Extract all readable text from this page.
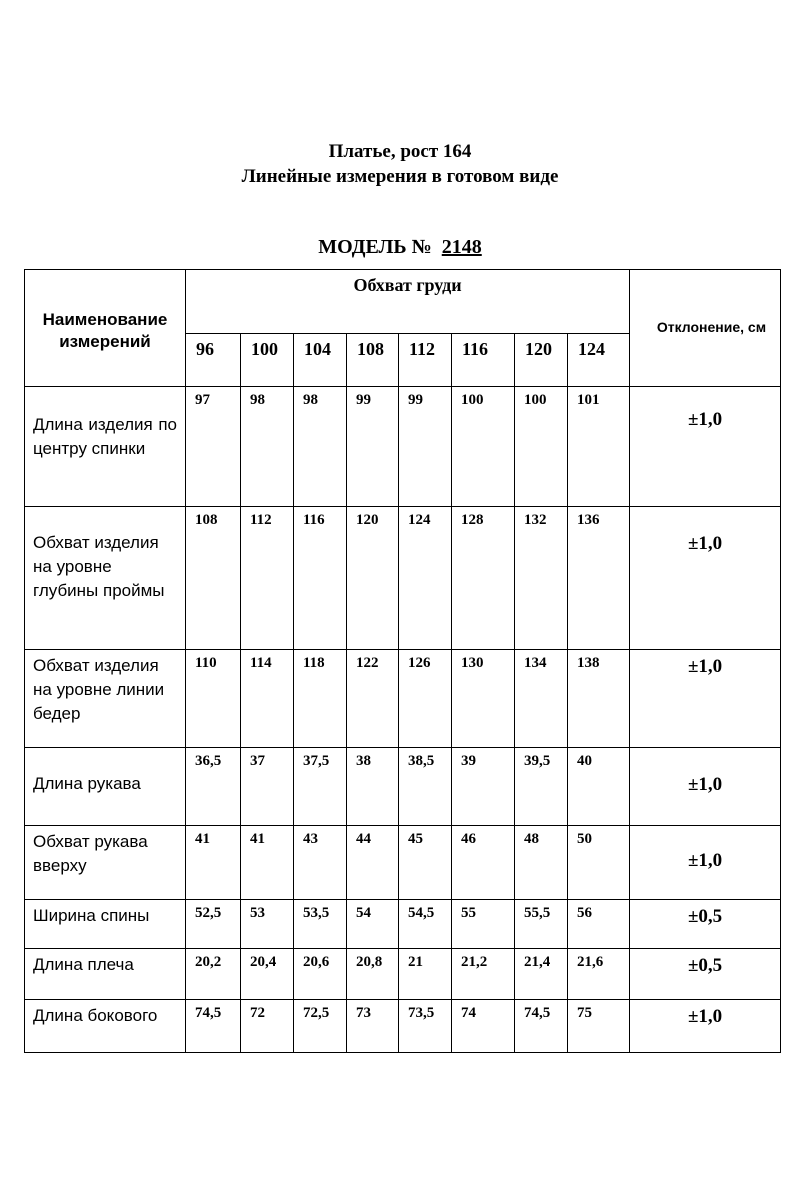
Платье, рост 164
Линейные измерения в готовом виде
МОДЕЛЬ № 2148
Наименование измерений	Обхват груди								Отклонение, см
	96	100	104	108	112	116	120	124	
Длина изделия по центру спинки	97	98	98	99	99	100	100	101	±1,0
Обхват изделия на уровне глубины проймы	108	112	116	120	124	128	132	136	±1,0
Обхват изделия на уровне линии бедер	110	114	118	122	126	130	134	138	±1,0
Длина рукава	36,5	37	37,5	38	38,5	39	39,5	40	±1,0
Обхват рукава вверху	41	41	43	44	45	46	48	50	±1,0
Ширина спины	52,5	53	53,5	54	54,5	55	55,5	56	±0,5
Длина плеча	20,2	20,4	20,6	20,8	21	21,2	21,4	21,6	±0,5
Длина бокового	74,5	72	72,5	73	73,5	74	74,5	75	±1,0
